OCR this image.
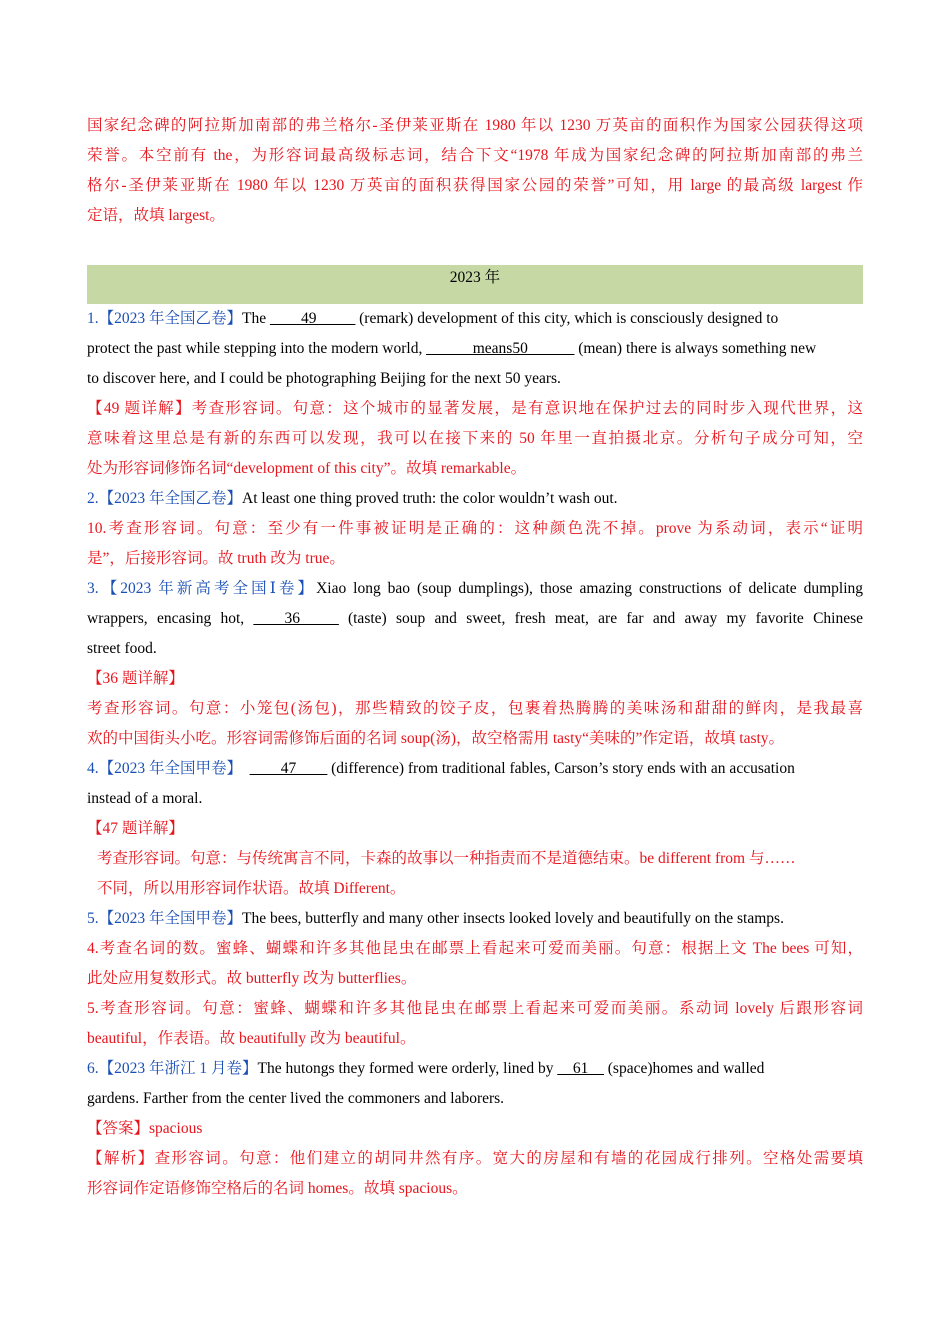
国家纪念碑的阿拉斯加南部的弗兰格尔-圣伊莱亚斯在 1980 年以 1230 万英亩的面积作为国家公园获得这项
荣誉。本空前有 the，为形容词最高级标志词，结合下文“1978 年成为国家纪念碑的阿拉斯加南部的弗兰
格尔-圣伊莱亚斯在 1980 年以 1230 万英亩的面积获得国家公园的荣誉”可知，用 large 的最高级 largest 作
定语，故填 largest。
2023 年
1.【2023 年全国乙卷】The ____49_____ (remark) development of this city, which is consciously designed to
protect the past while stepping into the modern world, ______means50______ (mean) there is always something new
to discover here, and I could be photographing Beijing for the next 50 years.
【49 题详解】考查形容词。句意：这个城市的显著发展，是有意识地在保护过去的同时步入现代世界，这
意味着这里总是有新的东西可以发现，我可以在接下来的 50 年里一直拍摄北京。分析句子成分可知，空
处为形容词修饰名词“development of this city”。故填 remarkable。
2.【2023 年全国乙卷】At least one thing proved truth: the color wouldn’t wash out.
10.考查形容词。句意：至少有一件事被证明是正确的：这种颜色洗不掉。prove 为系动词，表示“证明
是”，后接形容词。故 truth 改为 true。
3.【2023 年新高考全国Ⅰ卷】Xiao long bao (soup dumplings), those amazing constructions of delicate dumpling
wrappers, encasing hot, ____36_____ (taste) soup and sweet, fresh meat, are far and away my favorite Chinese
street food.
【36 题详解】
考查形容词。句意：小笼包(汤包)，那些精致的饺子皮，包裹着热腾腾的美味汤和甜甜的鲜肉，是我最喜
欢的中国街头小吃。形容词需修饰后面的名词 soup(汤)，故空格需用 tasty“美味的”作定语，故填 tasty。
4.【2023 年全国甲卷】 ____47____ (difference) from traditional fables, Carson’s story ends with an accusation
instead of a moral.
【47 题详解】
考查形容词。句意：与传统寓言不同，卡森的故事以一种指责而不是道德结束。be different from 与……
不同，所以用形容词作状语。故填 Different。
5.【2023 年全国甲卷】The bees, butterfly and many other insects looked lovely and beautifully on the stamps.
4.考查名词的数。蜜蜂、蝴蝶和许多其他昆虫在邮票上看起来可爱而美丽。句意：根据上文 The bees 可知，
此处应用复数形式。故 butterfly 改为 butterflies。
5.考查形容词。句意：蜜蜂、蝴蝶和许多其他昆虫在邮票上看起来可爱而美丽。系动词 lovely 后跟形容词
beautiful，作表语。故 beautifully 改为 beautiful。
6.【2023 年浙江 1 月卷】The hutongs they formed were orderly, lined by __61__ (space)homes and walled
gardens. Farther from the center lived the commoners and laborers.
【答案】spacious
【解析】查形容词。句意：他们建立的胡同井然有序。宽大的房屋和有墙的花园成行排列。空格处需要填
形容词作定语修饰空格后的名词 homes。故填 spacious。
